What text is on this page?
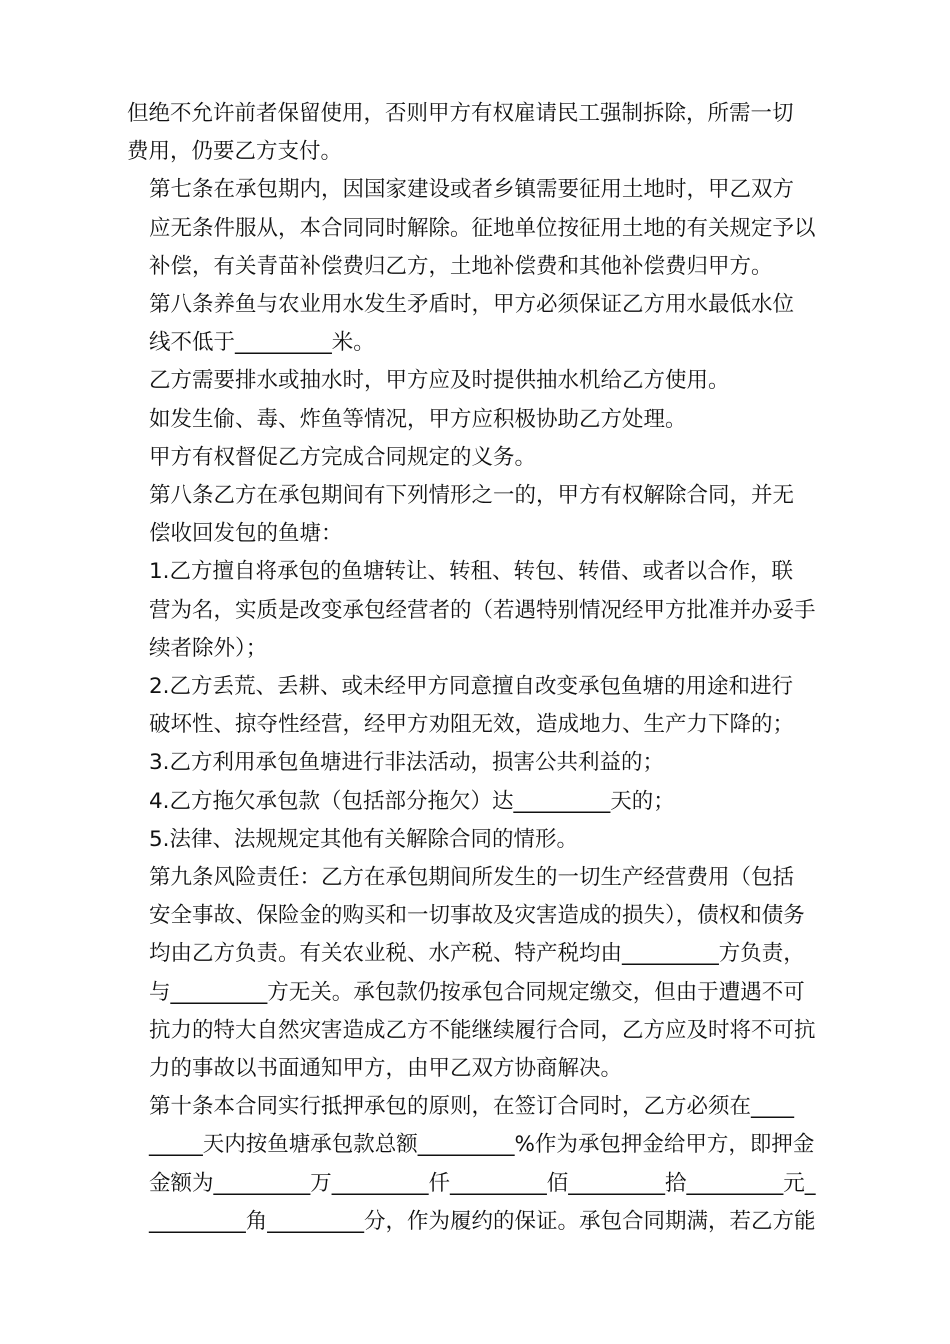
但绝不允许前者保留使用，否则甲方有权雇请民工强制拆除，所需一切
费用，仍要乙方支付。

第七条在承包期内，因国家建设或者乡镇需要征用土地时，甲乙双方
应无条件服从，本合同同时解除。征地单位按征用土地的有关规定予以
补偿，有关青苗补偿费归乙方，土地补偿费和其他补偿费归甲方。

第八条养鱼与农业用水发生矛盾时，甲方必须保证乙方用水最低水位
线不低于_________米。

乙方需要排水或抽水时，甲方应及时提供抽水机给乙方使用。

如发生偷、毒、炸鱼等情况，甲方应积极协助乙方处理。

甲方有权督促乙方完成合同规定的义务。

第八条乙方在承包期间有下列情形之一的，甲方有权解除合同，并无
偿收回发包的鱼塘：

1.乙方擅自将承包的鱼塘转让、转租、转包、转借、或者以合作，联
营为名，实质是改变承包经营者的（若遇特别情况经甲方批准并办妥手
续者除外）；

2.乙方丢荒、丢耕、或未经甲方同意擅自改变承包鱼塘的用途和进行
破坏性、掠夺性经营，经甲方劝阻无效，造成地力、生产力下降的；

3.乙方利用承包鱼塘进行非法活动，损害公共利益的；

4.乙方拖欠承包款（包括部分拖欠）达_________天的；

5.法律、法规规定其他有关解除合同的情形。

第九条风险责任：乙方在承包期间所发生的一切生产经营费用（包括
安全事故、保险金的购买和一切事故及灾害造成的损失），债权和债务
均由乙方负责。有关农业税、水产税、特产税均由_________方负责，
与_________方无关。承包款仍按承包合同规定缴交，但由于遭遇不可
抗力的特大自然灾害造成乙方不能继续履行合同，乙方应及时将不可抗
力的事故以书面通知甲方，由甲乙双方协商解决。

第十条本合同实行抵押承包的原则，在签订合同时，乙方必须在____
_____天内按鱼塘承包款总额_________%作为承包押金给甲方，即押金
金额为_________万_________仟_________佰_________拾_________元_
_________角_________分，作为履约的保证。承包合同期满，若乙方能
